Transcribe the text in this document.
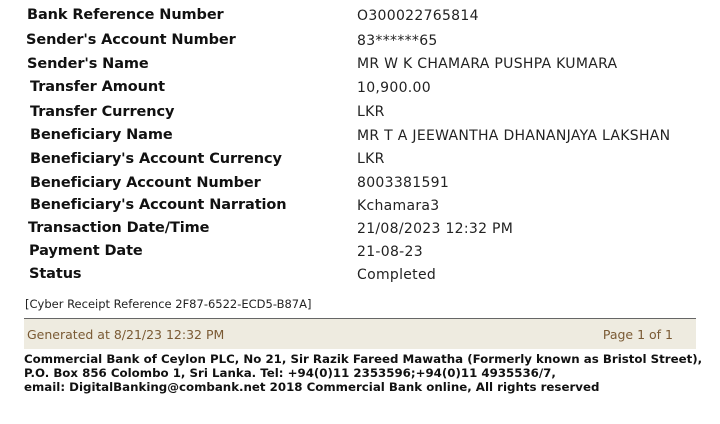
Bank Reference Number	O300022765814
Sender's Account Number	83******65
Sender's Name	MR W K CHAMARA PUSHPA KUMARA
Transfer Amount	10,900.00
Transfer Currency	LKR
Beneficiary Name	MR T A JEEWANTHA DHANANJAYA LAKSHAN
Beneficiary's Account Currency	LKR
Beneficiary Account Number	8003381591
Beneficiary's Account Narration	Kchamara3
Transaction Date/Time	21/08/2023 12:32 PM
Payment Date	21-08-23
Status	Completed
[Cyber Receipt Reference 2F87-6522-ECD5-B87A]
Generated at 8/21/23 12:32 PM	Page 1 of 1
Commercial Bank of Ceylon PLC, No 21, Sir Razik Fareed Mawatha (Formerly known as Bristol Street),
P.O. Box 856 Colombo 1, Sri Lanka. Tel: +94(0)11 2353596;+94(0)11 4935536/7,
email: DigitalBanking@combank.net 2018 Commercial Bank online, All rights reserved
